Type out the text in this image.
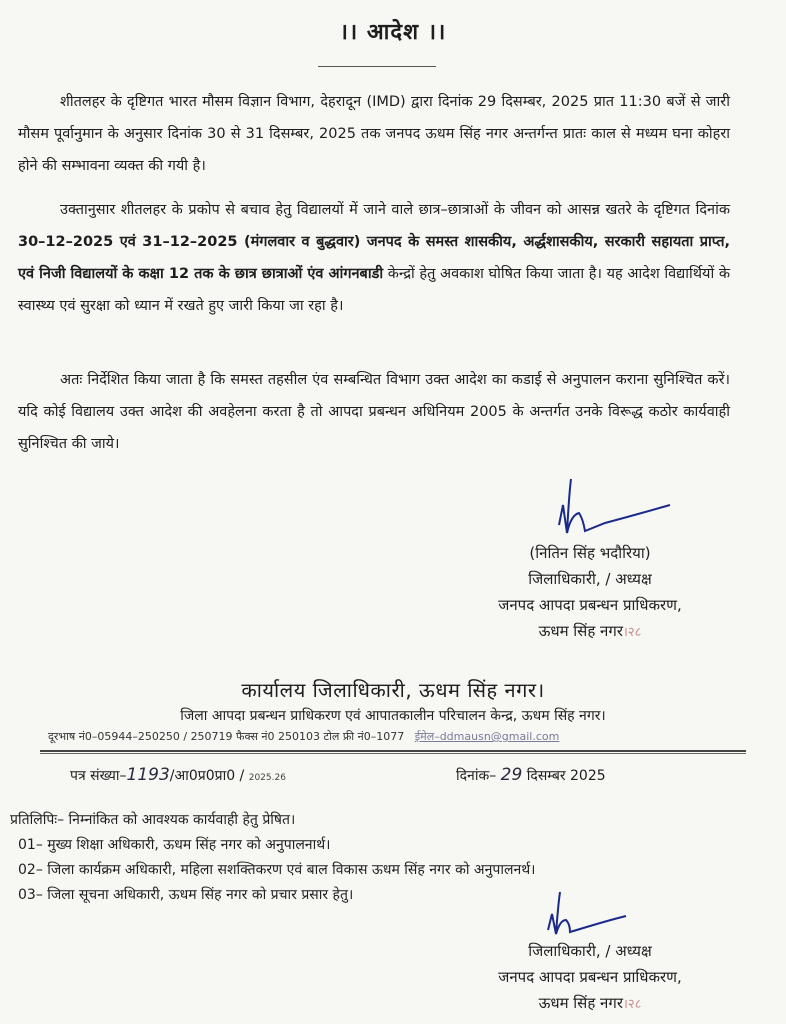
।। आदेश ।।
शीतलहर के दृष्टिगत भारत मौसम विज्ञान विभाग, देहरादून (IMD) द्वारा दिनांक 29 दिसम्बर, 2025 प्रात 11:30 बजें से जारी मौसम पूर्वानुमान के अनुसार दिनांक 30 से 31 दिसम्बर, 2025 तक जनपद ऊधम सिंह नगर अन्तर्गन्त प्रातः काल से मध्यम घना कोहरा होने की सम्भावना व्यक्त की गयी है।
उक्तानुसार शीतलहर के प्रकोप से बचाव हेतु विद्यालयों में जाने वाले छात्र–छात्राओं के जीवन को आसन्न खतरे के दृष्टिगत दिनांक 30–12–2025 एवं 31–12–2025 (मंगलवार व बुद्धवार) जनपद के समस्त शासकीय, अर्द्धशासकीय, सरकारी सहायता प्राप्त, एवं निजी विद्यालयों के कक्षा 12 तक के छात्र छात्राओं एंव आंगनबाडी केन्द्रों हेतु अवकाश घोषित किया जाता है। यह आदेश विद्यार्थियों के स्वास्थ्य एवं सुरक्षा को ध्यान में रखते हुए जारी किया जा रहा है।
अतः निर्देशित किया जाता है कि समस्त तहसील एंव सम्बन्धित विभाग उक्त आदेश का कडाई से अनुपालन कराना सुनिश्चित करें। यदि कोई विद्यालय उक्त आदेश की अवहेलना करता है तो आपदा प्रबन्धन अधिनियम 2005 के अन्तर्गत उनके विरूद्ध कठोर कार्यवाही सुनिश्चित की जाये।
(नितिन सिंह भदौरिया)
जिलाधिकारी, / अध्यक्ष
जनपद आपदा प्रबन्धन प्राधिकरण,
ऊधम सिंह नगर।२८
कार्यालय जिलाधिकारी, ऊधम सिंह नगर।
जिला आपदा प्रबन्धन प्राधिकरण एवं आपातकालीन परिचालन केन्द्र, ऊधम सिंह नगर।
दूरभाष नं0–05944–250250 / 250719 फैक्स नं0 250103 टोल फ्री नं0–1077 ईमेल–ddmausn@gmail.com
पत्र संख्या–1193/आ0प्र0प्रा0 / 2025.26	दिनांक– 29 दिसम्बर 2025
प्रतिलिपिः– निम्नांकित को आवश्यक कार्यवाही हेतु प्रेषित।
01– मुख्य शिक्षा अधिकारी, ऊधम सिंह नगर को अनुपालनार्थ।
02– जिला कार्यक्रम अधिकारी, महिला सशक्तिकरण एवं बाल विकास ऊधम सिंह नगर को अनुपालनर्थ।
03– जिला सूचना अधिकारी, ऊधम सिंह नगर को प्रचार प्रसार हेतु।
जिलाधिकारी, / अध्यक्ष
जनपद आपदा प्रबन्धन प्राधिकरण,
ऊधम सिंह नगर।२८
